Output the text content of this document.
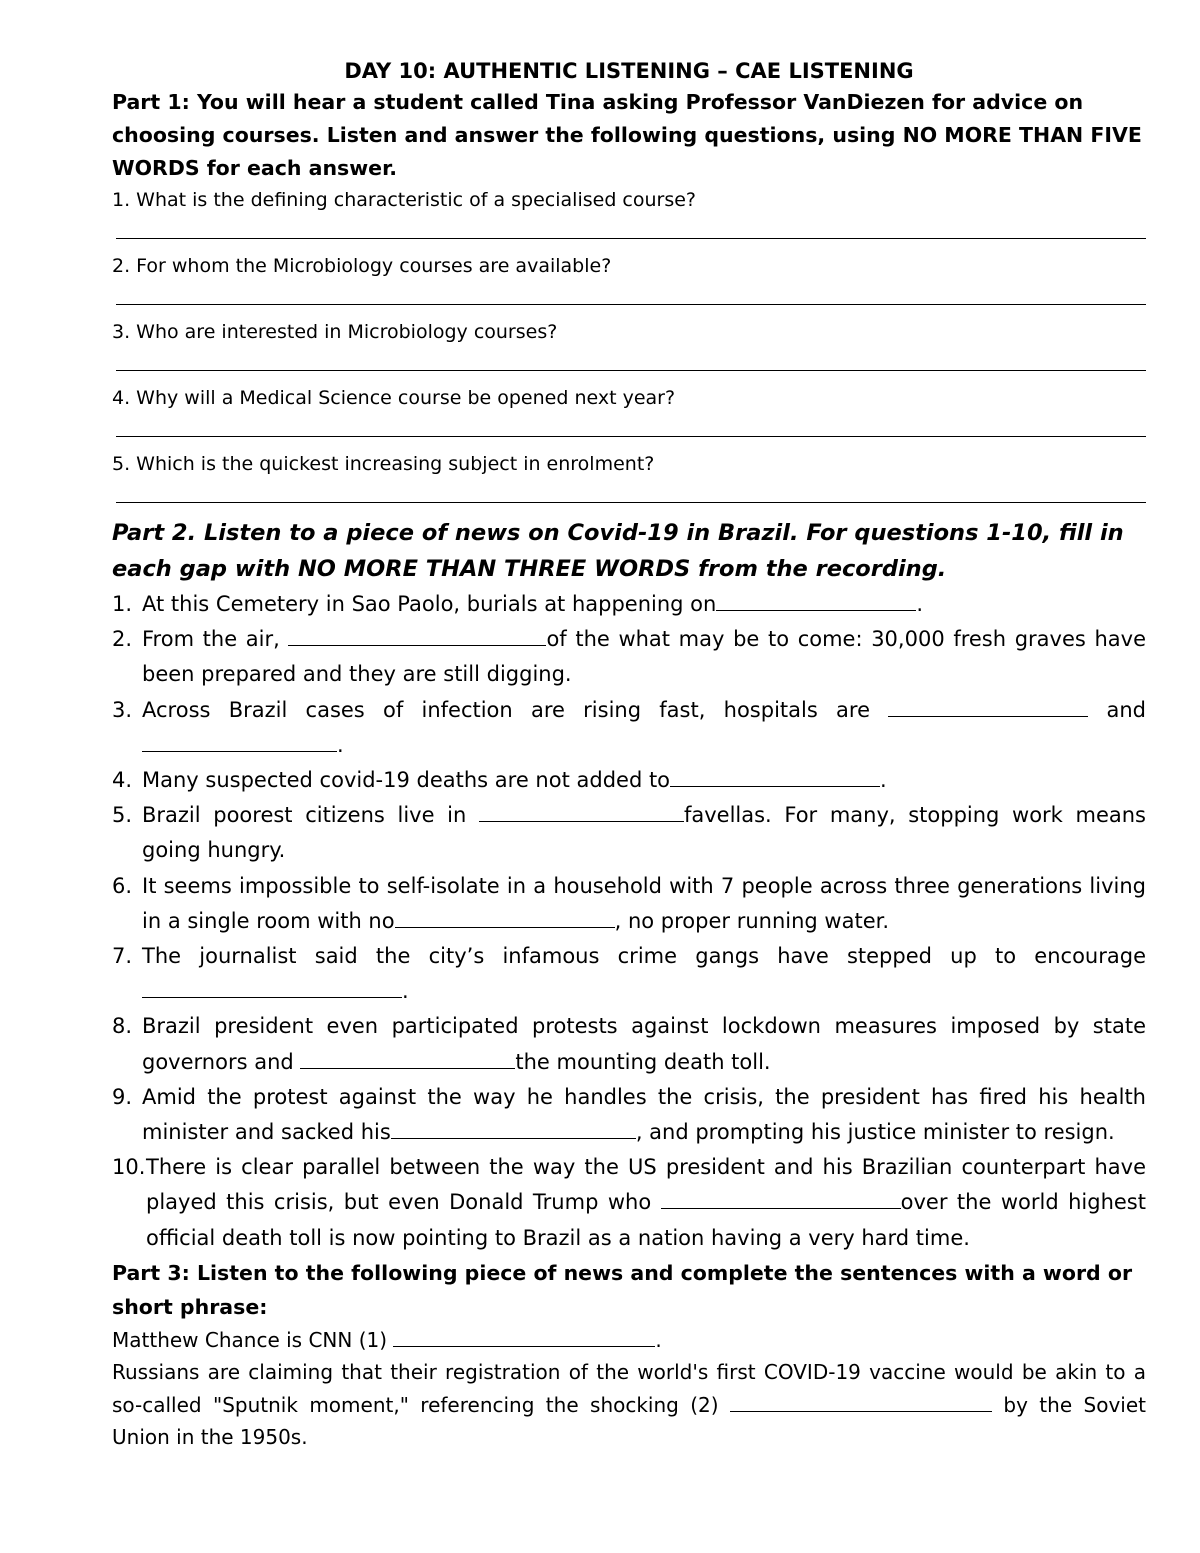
DAY 10: AUTHENTIC LISTENING – CAE LISTENING

Part 1: You will hear a student called Tina asking Professor VanDiezen for advice on choosing courses. Listen and answer the following questions, using NO MORE THAN FIVE WORDS for each answer.

1. What is the defining characteristic of a specialised course?

2. For whom the Microbiology courses are available?

3. Who are interested in Microbiology courses?

4. Why will a Medical Science course be opened next year?

5. Which is the quickest increasing subject in enrolment?

Part 2. Listen to a piece of news on Covid-19 in Brazil. For questions 1-10, fill in each gap with NO MORE THAN THREE WORDS from the recording.

1. At this Cemetery in Sao Paolo, burials at happening on	.
2. From the air,	of the what may be to come: 30,000 fresh graves have been prepared and they are still digging.
3. Across Brazil cases of infection are rising fast, hospitals are	and .
4. Many suspected covid-19 deaths are not added to	.
5. Brazil poorest citizens live in	favellas. For many, stopping work means going hungry.
6. It seems impossible to self-isolate in a household with 7 people across three generations living in a single room with no	, no proper running water.
7. The journalist said the city’s infamous crime gangs have stepped up to encourage .
8. Brazil president even participated protests against lockdown measures imposed by state governors and	the mounting death toll.
9. Amid the protest against the way he handles the crisis, the president has fired his health minister and sacked his	, and prompting his justice minister to resign.
10. There is clear parallel between the way the US president and his Brazilian counterpart have played this crisis, but even Donald Trump who	over the world highest official death toll is now pointing to Brazil as a nation having a very hard time.

Part 3: Listen to the following piece of news and complete the sentences with a word or short phrase:

Matthew Chance is CNN (1)	.

Russians are claiming that their registration of the world's first COVID-19 vaccine would be akin to a so-called "Sputnik moment," referencing the shocking (2)	by the Soviet Union in the 1950s.
